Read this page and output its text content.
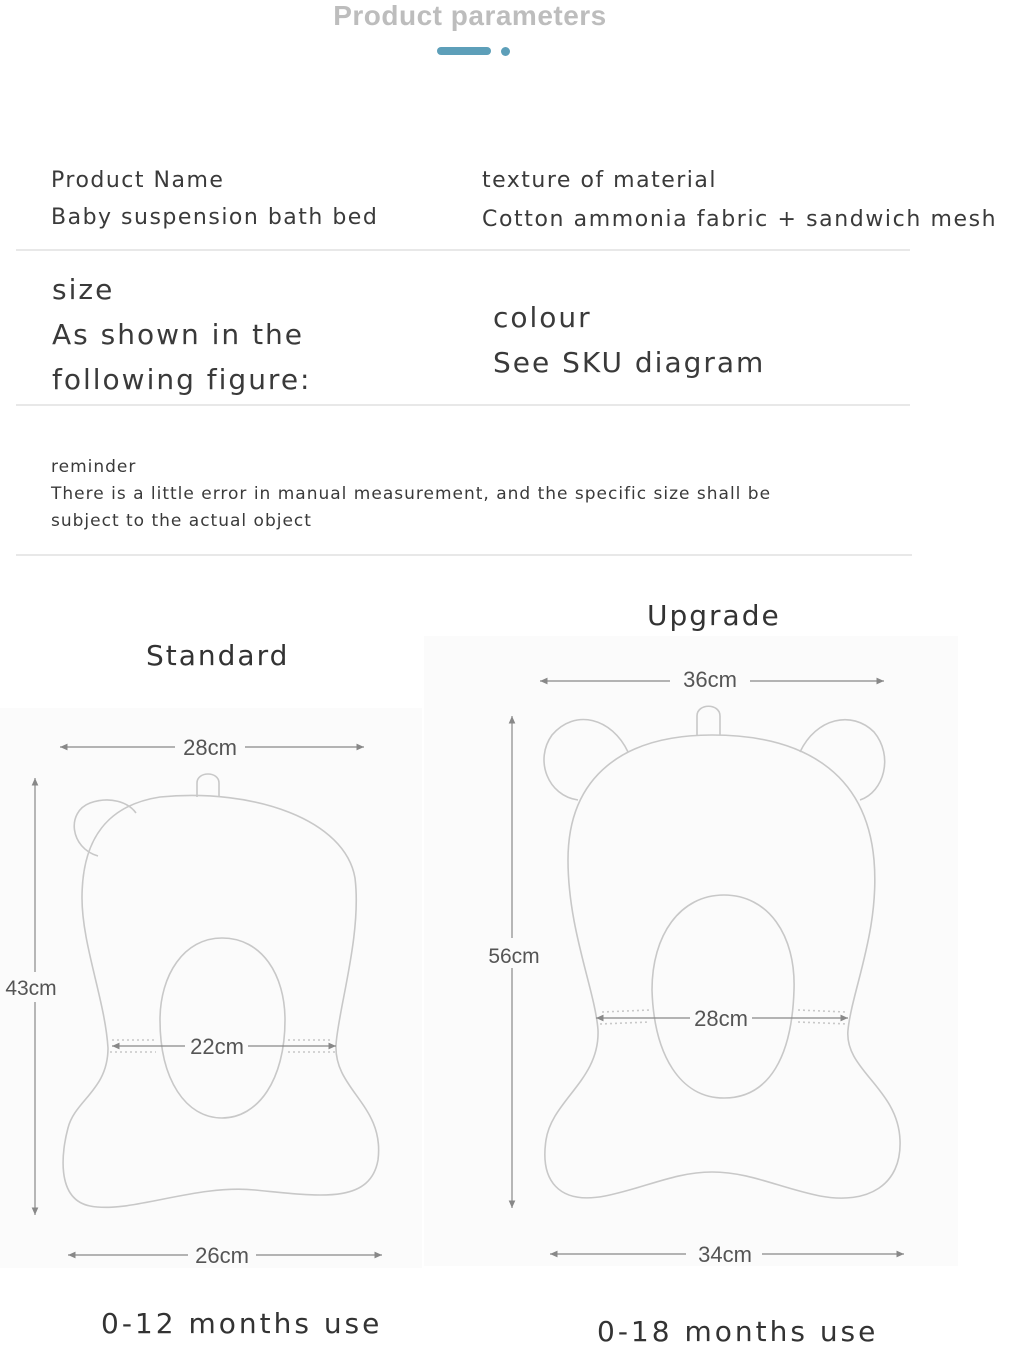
Product parameters
Product Name
Baby suspension bath bed
texture of material
Cotton ammonia fabric + sandwich mesh
size
As shown in the
following figure:
colour
See SKU diagram
reminder
There is a little error in manual measurement, and the specific size shall be
subject to the actual object
Standard
Upgrade
28cm
43cm
22cm
26cm
36cm
56cm
28cm
34cm
0-12 months use	0-18 months use
